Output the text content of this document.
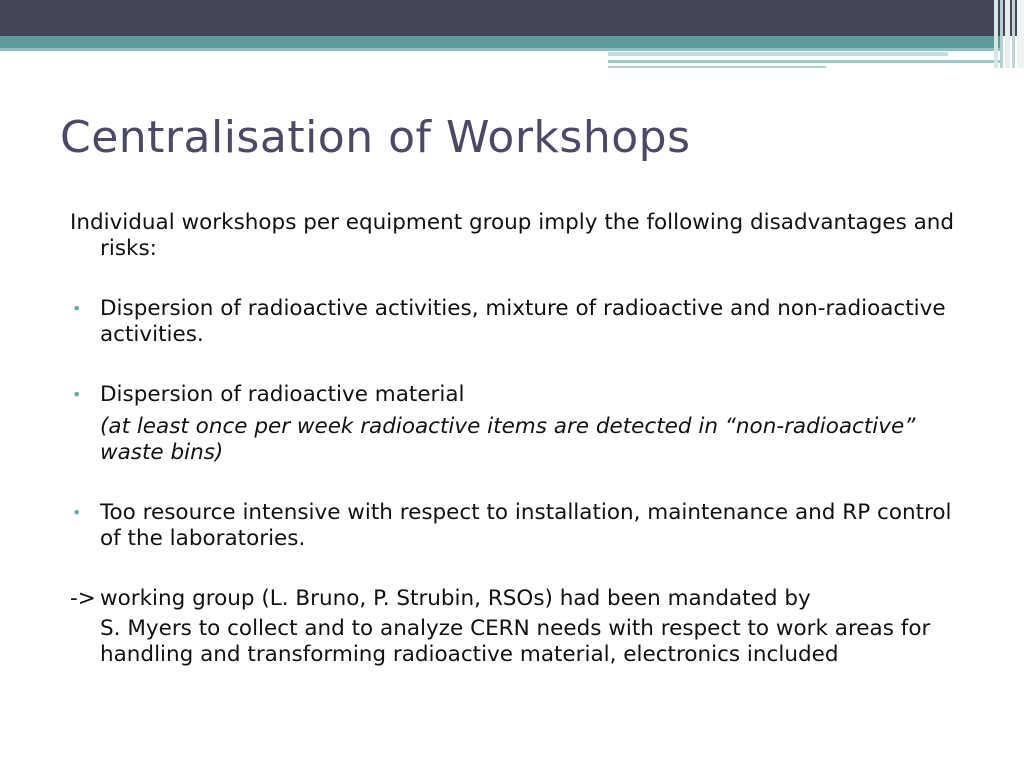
Centralisation of Workshops

Individual workshops per equipment group imply the following disadvantages and risks:

• Dispersion of radioactive activities, mixture of radioactive and non-radioactive activities.
• Dispersion of radioactive material
(at least once per week radioactive items are detected in “non-radioactive” waste bins)
• Too resource intensive with respect to installation, maintenance and RP control of the laboratories.
-> working group (L. Bruno, P. Strubin, RSOs) had been mandated by
S. Myers to collect and to analyze CERN needs with respect to work areas for handling and transforming radioactive material, electronics included
